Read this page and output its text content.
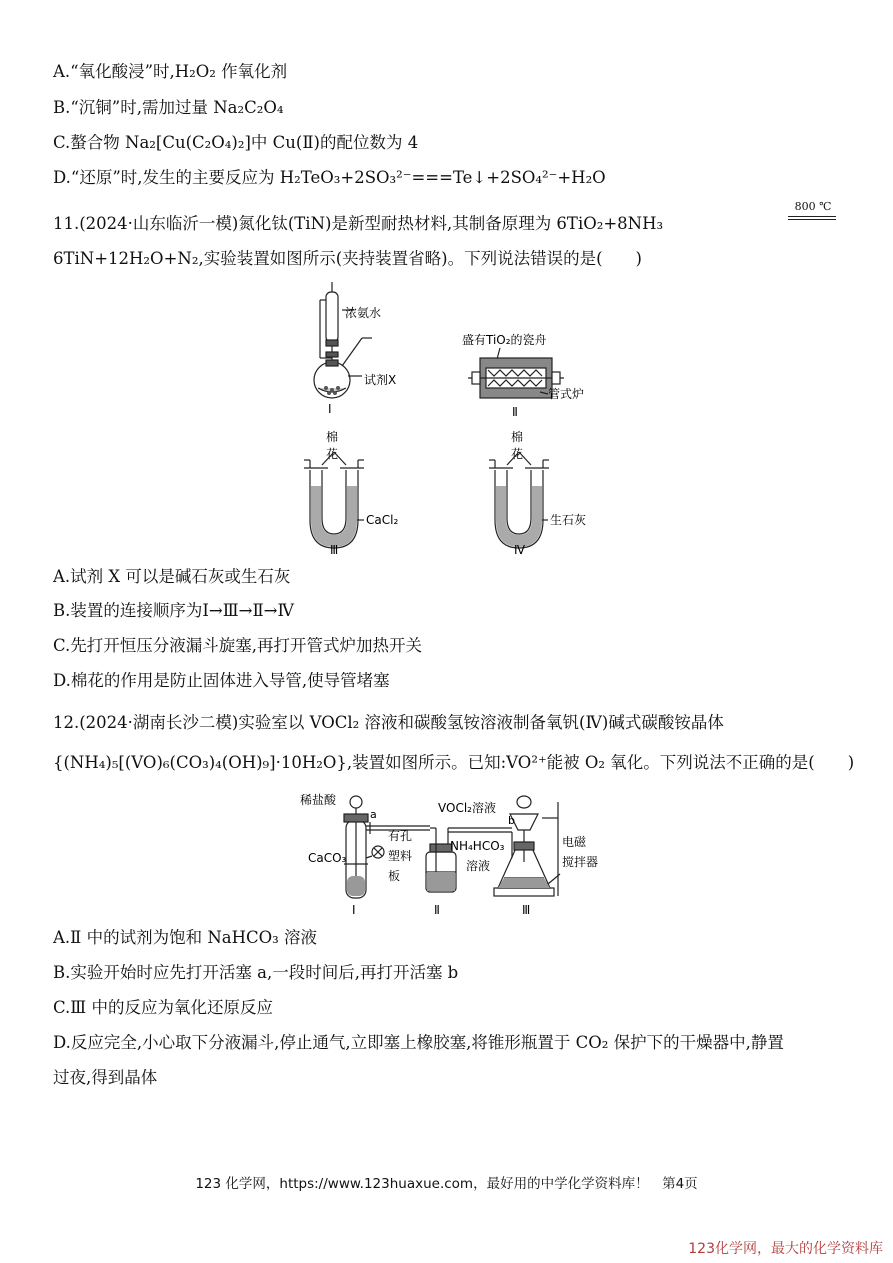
A.“氧化酸浸”时,H₂O₂ 作氧化剂
B.“沉铜”时,需加过量 Na₂C₂O₄
C.螯合物 Na₂[Cu(C₂O₄)₂]中 Cu(Ⅱ)的配位数为 4
D.“还原”时,发生的主要反应为 H₂TeO₃+2SO₃²⁻===Te↓+2SO₄²⁻+H₂O
11.(2024·山东临沂一模)氮化钛(TiN)是新型耐热材料,其制备原理为 6TiO₂+8NH₃
800 ℃
6TiN+12H₂O+N₂,实验装置如图所示(夹持装置省略)。下列说法错误的是(　　)
浓氨水
试剂X
Ⅰ
盛有TiO₂的瓷舟
管式炉
Ⅱ
棉
花
CaCl₂
Ⅲ
棉
花
生石灰
Ⅳ
A.试剂 X 可以是碱石灰或生石灰
B.装置的连接顺序为Ⅰ→Ⅲ→Ⅱ→Ⅳ
C.先打开恒压分液漏斗旋塞,再打开管式炉加热开关
D.棉花的作用是防止固体进入导管,使导管堵塞
12.(2024·湖南长沙二模)实验室以 VOCl₂ 溶液和碳酸氢铵溶液制备氧钒(Ⅳ)碱式碳酸铵晶体
{(NH₄)₅[(VO)₆(CO₃)₄(OH)₉]·10H₂O},装置如图所示。已知:VO²⁺能被 O₂ 氧化。下列说法不正确的是(　　)
稀盐酸
a	b
CaCO₃
有孔
塑料
板
VOCl₂溶液
NH₄HCO₃
溶液
电磁
搅拌器
Ⅰ	Ⅱ	Ⅲ
A.Ⅱ 中的试剂为饱和 NaHCO₃ 溶液
B.实验开始时应先打开活塞 a,一段时间后,再打开活塞 b
C.Ⅲ 中的反应为氧化还原反应
D.反应完全,小心取下分液漏斗,停止通气,立即塞上橡胶塞,将锥形瓶置于 CO₂ 保护下的干燥器中,静置
过夜,得到晶体
123 化学网，https://www.123huaxue.com，最好用的中学化学资料库！　第4页
123化学网，最大的化学资料库
